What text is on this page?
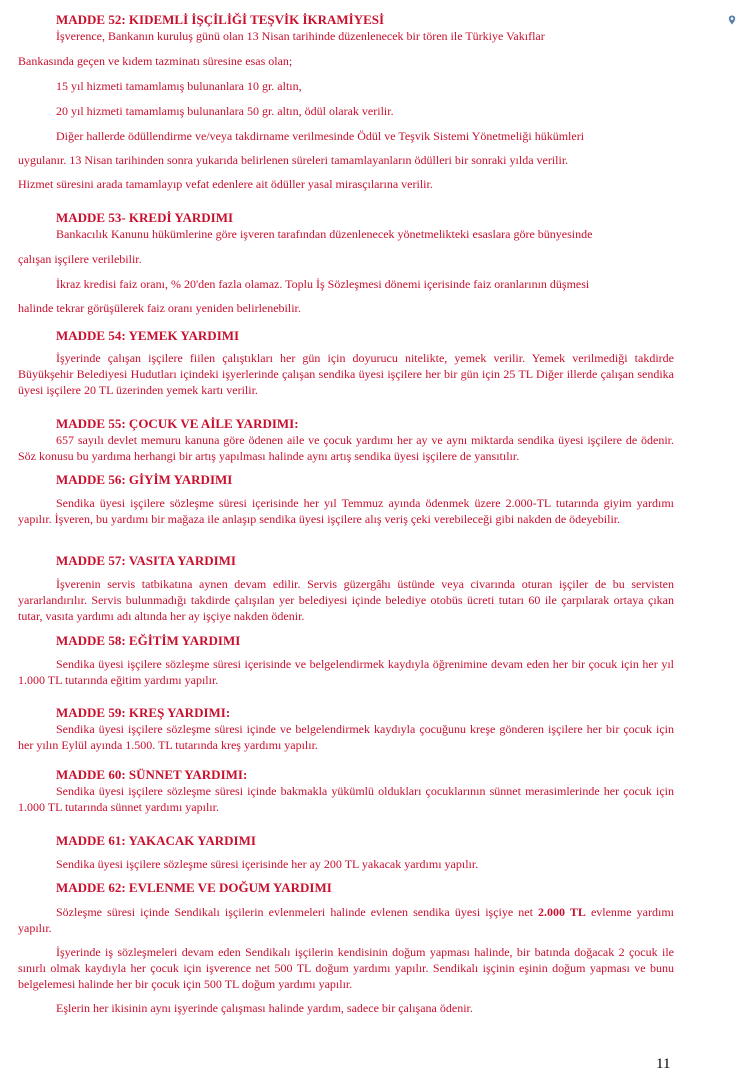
MADDE 52: KIDEMLİ İŞÇİLİĞİ TEŞVİK İKRAMİYESİ

İşverence, Bankanın kuruluş günü olan 13 Nisan tarihinde düzenlenecek bir tören ile Türkiye Vakıflar

Bankasında geçen ve kıdem tazminatı süresine esas olan;

15 yıl hizmeti tamamlamış bulunanlara 10 gr. altın,

20 yıl hizmeti tamamlamış bulunanlara 50 gr. altın, ödül olarak verilir.

Diğer hallerde ödüllendirme ve/veya takdirname verilmesinde Ödül ve Teşvik Sistemi Yönetmeliği hükümleri

uygulanır. 13 Nisan tarihinden sonra yukarıda belirlenen süreleri tamamlayanların ödülleri bir sonraki yılda verilir.

Hizmet süresini arada tamamlayıp vefat edenlere ait ödüller yasal mirasçılarına verilir.

MADDE 53- KREDİ YARDIMI

Bankacılık Kanunu hükümlerine göre işveren tarafından düzenlenecek yönetmelikteki esaslara göre bünyesinde

çalışan işçilere verilebilir.

İkraz kredisi faiz oranı, % 20'den fazla olamaz. Toplu İş Sözleşmesi dönemi içerisinde faiz oranlarının düşmesi

halinde tekrar görüşülerek faiz oranı yeniden belirlenebilir.

MADDE 54: YEMEK YARDIMI

İşyerinde çalışan işçilere fiilen çalıştıkları her gün için doyurucu nitelikte, yemek verilir. Yemek verilmediği takdirde Büyükşehir Belediyesi Hudutları içindeki işyerlerinde çalışan sendika üyesi işçilere her bir gün için 25 TL Diğer illerde çalışan sendika üyesi işçilere 20 TL üzerinden yemek kartı verilir.

MADDE 55: ÇOCUK VE AİLE YARDIMI:

657 sayılı devlet memuru kanuna göre ödenen aile ve çocuk yardımı her ay ve aynı miktarda sendika üyesi işçilere de ödenir. Söz konusu bu yardıma herhangi bir artış yapılması halinde aynı artış sendika üyesi işçilere de yansıtılır.

MADDE 56: GİYİM YARDIMI

Sendika üyesi işçilere sözleşme süresi içerisinde her yıl Temmuz ayında ödenmek üzere 2.000-TL tutarında giyim yardımı yapılır. İşveren, bu yardımı bir mağaza ile anlaşıp sendika üyesi işçilere alış veriş çeki verebileceği gibi nakden de ödeyebilir.

MADDE 57: VASITA YARDIMI

İşverenin servis tatbikatına aynen devam edilir. Servis güzergâhı üstünde veya civarında oturan işçiler de bu servisten yararlandırılır. Servis bulunmadığı takdirde çalışılan yer belediyesi içinde belediye otobüs ücreti tutarı 60 ile çarpılarak ortaya çıkan tutar, vasıta yardımı adı altında her ay işçiye nakden ödenir.

MADDE 58: EĞİTİM YARDIMI

Sendika üyesi işçilere sözleşme süresi içerisinde ve belgelendirmek kaydıyla öğrenimine devam eden her bir çocuk için her yıl 1.000 TL tutarında eğitim yardımı yapılır.

MADDE 59: KREŞ YARDIMI:

Sendika üyesi işçilere sözleşme süresi içinde ve belgelendirmek kaydıyla çocuğunu kreşe gönderen işçilere her bir çocuk için her yılın Eylül ayında 1.500. TL tutarında kreş yardımı yapılır.

MADDE 60: SÜNNET YARDIMI:

Sendika üyesi işçilere sözleşme süresi içinde bakmakla yükümlü oldukları çocuklarının sünnet merasimlerinde her çocuk için 1.000 TL tutarında sünnet yardımı yapılır.

MADDE 61: YAKACAK YARDIMI

Sendika üyesi işçilere sözleşme süresi içerisinde her ay 200 TL yakacak yardımı yapılır.

MADDE 62: EVLENME VE DOĞUM YARDIMI

Sözleşme süresi içinde Sendikalı işçilerin evlenmeleri halinde evlenen sendika üyesi işçiye net 2.000 TL evlenme yardımı yapılır.

İşyerinde iş sözleşmeleri devam eden Sendikalı işçilerin kendisinin doğum yapması halinde, bir batında doğacak 2 çocuk ile sınırlı olmak kaydıyla her çocuk için işverence net 500 TL doğum yardımı yapılır. Sendikalı işçinin eşinin doğum yapması ve bunu belgelemesi halinde her bir çocuk için 500 TL doğum yardımı yapılır.

Eşlerin her ikisinin aynı işyerinde çalışması halinde yardım, sadece bir çalışana ödenir.

11
